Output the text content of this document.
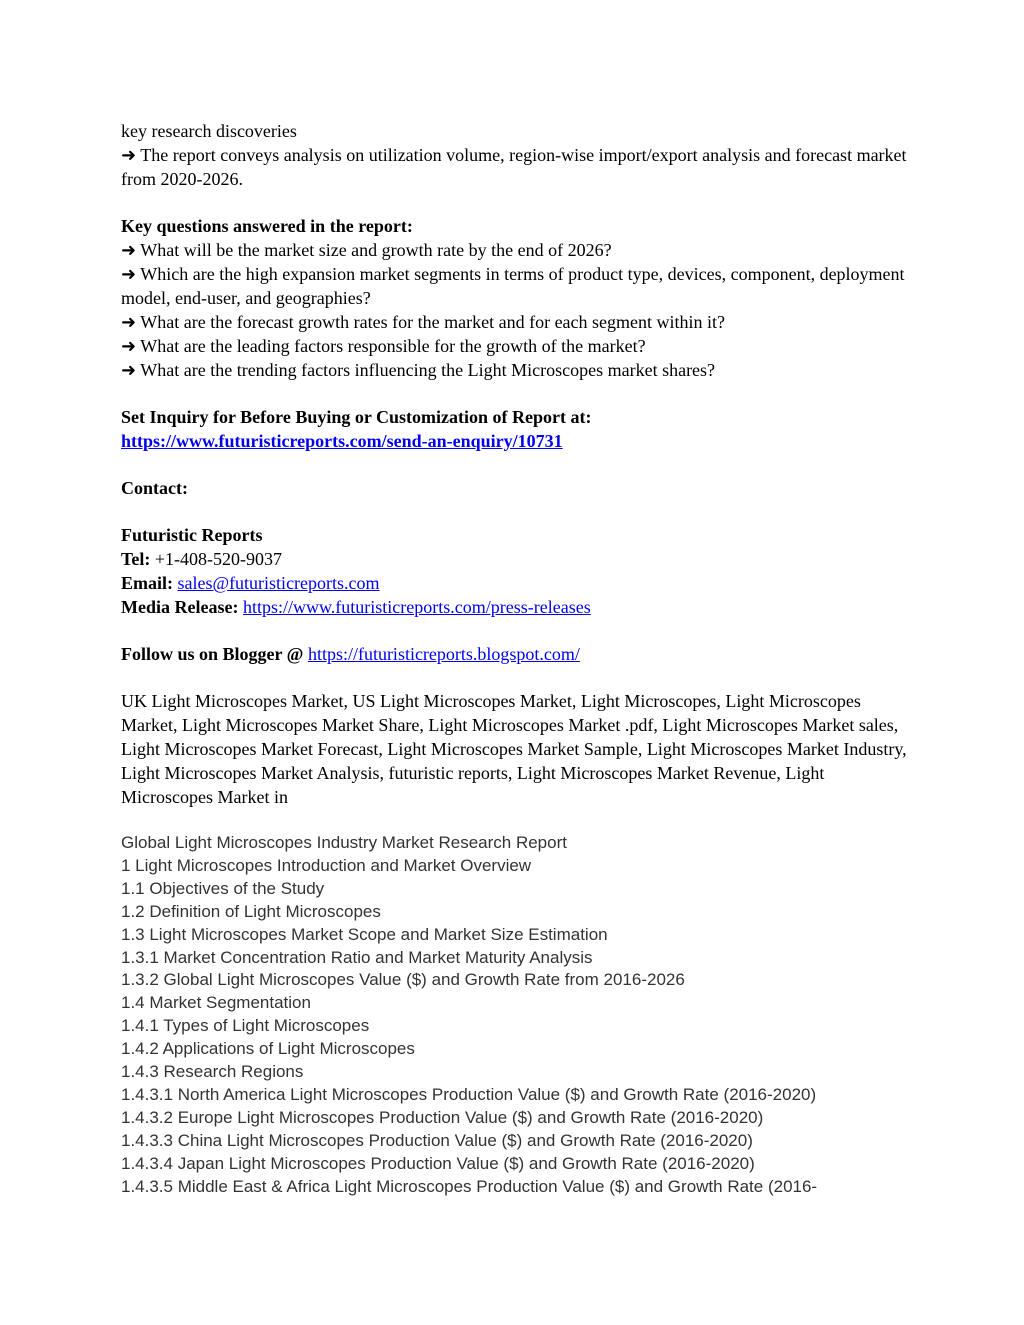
key research discoveries

➜ The report conveys analysis on utilization volume, region-wise import/export analysis and forecast market from 2020-2026.

Key questions answered in the report:

➜ What will be the market size and growth rate by the end of 2026?

➜ Which are the high expansion market segments in terms of product type, devices, component, deployment model, end-user, and geographies?

➜ What are the forecast growth rates for the market and for each segment within it?

➜ What are the leading factors responsible for the growth of the market?

➜ What are the trending factors influencing the Light Microscopes market shares?

Set Inquiry for Before Buying or Customization of Report at:

https://www.futuristicreports.com/send-an-enquiry/10731

Contact:

Futuristic Reports

Tel: +1-408-520-9037

Email: sales@futuristicreports.com

Media Release: https://www.futuristicreports.com/press-releases

Follow us on Blogger @ https://futuristicreports.blogspot.com/

UK Light Microscopes Market, US Light Microscopes Market, Light Microscopes, Light Microscopes Market, Light Microscopes Market Share, Light Microscopes Market .pdf, Light Microscopes Market sales, Light Microscopes Market Forecast, Light Microscopes Market Sample, Light Microscopes Market Industry, Light Microscopes Market Analysis, futuristic reports, Light Microscopes Market Revenue, Light Microscopes Market in

Global Light Microscopes Industry Market Research Report
1 Light Microscopes Introduction and Market Overview
1.1 Objectives of the Study
1.2 Definition of Light Microscopes
1.3 Light Microscopes Market Scope and Market Size Estimation
1.3.1 Market Concentration Ratio and Market Maturity Analysis
1.3.2 Global Light Microscopes Value ($) and Growth Rate from 2016-2026
1.4 Market Segmentation
1.4.1 Types of Light Microscopes
1.4.2 Applications of Light Microscopes
1.4.3 Research Regions
1.4.3.1 North America Light Microscopes Production Value ($) and Growth Rate (2016-2020)
1.4.3.2 Europe Light Microscopes Production Value ($) and Growth Rate (2016-2020)
1.4.3.3 China Light Microscopes Production Value ($) and Growth Rate (2016-2020)
1.4.3.4 Japan Light Microscopes Production Value ($) and Growth Rate (2016-2020)
1.4.3.5 Middle East & Africa Light Microscopes Production Value ($) and Growth Rate (2016-
